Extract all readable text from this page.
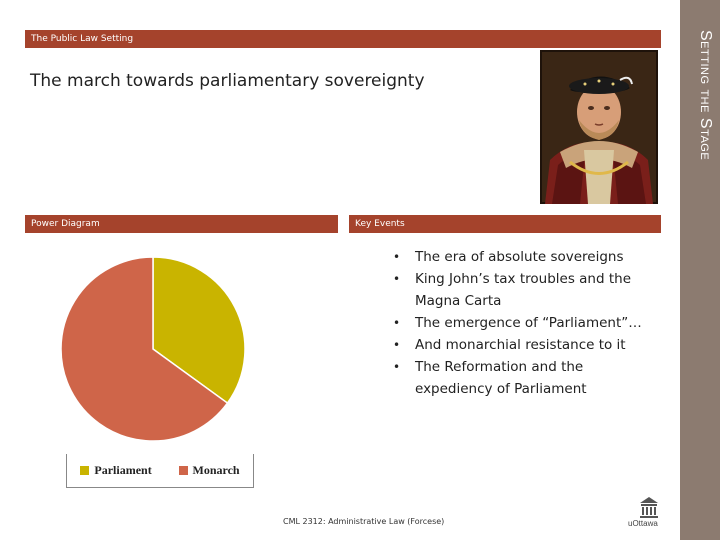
Setting the Stage
The Public Law Setting
The march towards parliamentary sovereignty
Power Diagram	Key Events
Parliament	Monarch
• The era of absolute sovereigns
• King John’s tax troubles and the Magna Carta
• The emergence of “Parliament”…
• And monarchial resistance to it
• The Reformation and the expediency of Parliament
CML 2312: Administrative Law (Forcese)	uOttawa
